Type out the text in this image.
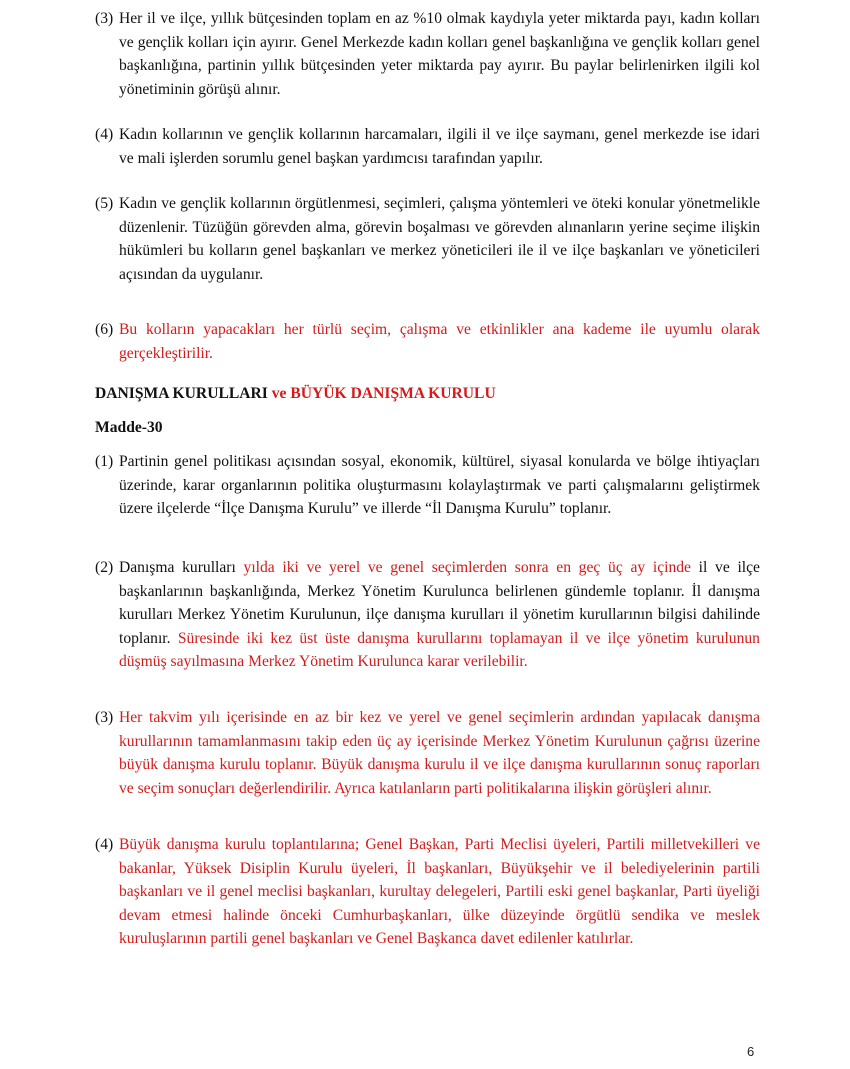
(3) Her il ve ilçe, yıllık bütçesinden toplam en az %10 olmak kaydıyla yeter miktarda payı, kadın kolları ve gençlik kolları için ayırır. Genel Merkezde kadın kolları genel başkanlığına ve gençlik kolları genel başkanlığına, partinin yıllık bütçesinden yeter miktarda pay ayırır. Bu paylar belirlenirken ilgili kol yönetiminin görüşü alınır.
(4) Kadın kollarının ve gençlik kollarının harcamaları, ilgili il ve ilçe saymanı, genel merkezde ise idari ve mali işlerden sorumlu genel başkan yardımcısı tarafından yapılır.
(5) Kadın ve gençlik kollarının örgütlenmesi, seçimleri, çalışma yöntemleri ve öteki konular yönetmelikle düzenlenir. Tüzüğün görevden alma, görevin boşalması ve görevden alınanların yerine seçime ilişkin hükümleri bu kolların genel başkanları ve merkez yöneticileri ile il ve ilçe başkanları ve yöneticileri açısından da uygulanır.
(6) Bu kolların yapacakları her türlü seçim, çalışma ve etkinlikler ana kademe ile uyumlu olarak gerçekleştirilir.
DANIŞMA KURULLARI ve BÜYÜK DANIŞMA KURULU
Madde-30
(1) Partinin genel politikası açısından sosyal, ekonomik, kültürel, siyasal konularda ve bölge ihtiyaçları üzerinde, karar organlarının politika oluşturmasını kolaylaştırmak ve parti çalışmalarını geliştirmek üzere ilçelerde “İlçe Danışma Kurulu” ve illerde “İl Danışma Kurulu” toplanır.
(2) Danışma kurulları yılda iki ve yerel ve genel seçimlerden sonra en geç üç ay içinde il ve ilçe başkanlarının başkanlığında, Merkez Yönetim Kurulunca belirlenen gündemle toplanır. İl danışma kurulları Merkez Yönetim Kurulunun, ilçe danışma kurulları il yönetim kurullarının bilgisi dahilinde toplanır. Süresinde iki kez üst üste danışma kurullarını toplamayan il ve ilçe yönetim kurulunun düşmüş sayılmasına Merkez Yönetim Kurulunca karar verilebilir.
(3) Her takvim yılı içerisinde en az bir kez ve yerel ve genel seçimlerin ardından yapılacak danışma kurullarının tamamlanmasını takip eden üç ay içerisinde Merkez Yönetim Kurulunun çağrısı üzerine büyük danışma kurulu toplanır. Büyük danışma kurulu il ve ilçe danışma kurullarının sonuç raporları ve seçim sonuçları değerlendirilir. Ayrıca katılanların parti politikalarına ilişkin görüşleri alınır.
(4) Büyük danışma kurulu toplantılarına; Genel Başkan, Parti Meclisi üyeleri, Partili milletvekilleri ve bakanlar, Yüksek Disiplin Kurulu üyeleri, İl başkanları, Büyükşehir ve il belediyelerinin partili başkanları ve il genel meclisi başkanları, kurultay delegeleri, Partili eski genel başkanlar, Parti üyeliği devam etmesi halinde önceki Cumhurbaşkanları, ülke düzeyinde örgütlü sendika ve meslek kuruluşlarının partili genel başkanları ve Genel Başkanca davet edilenler katılırlar.
6
